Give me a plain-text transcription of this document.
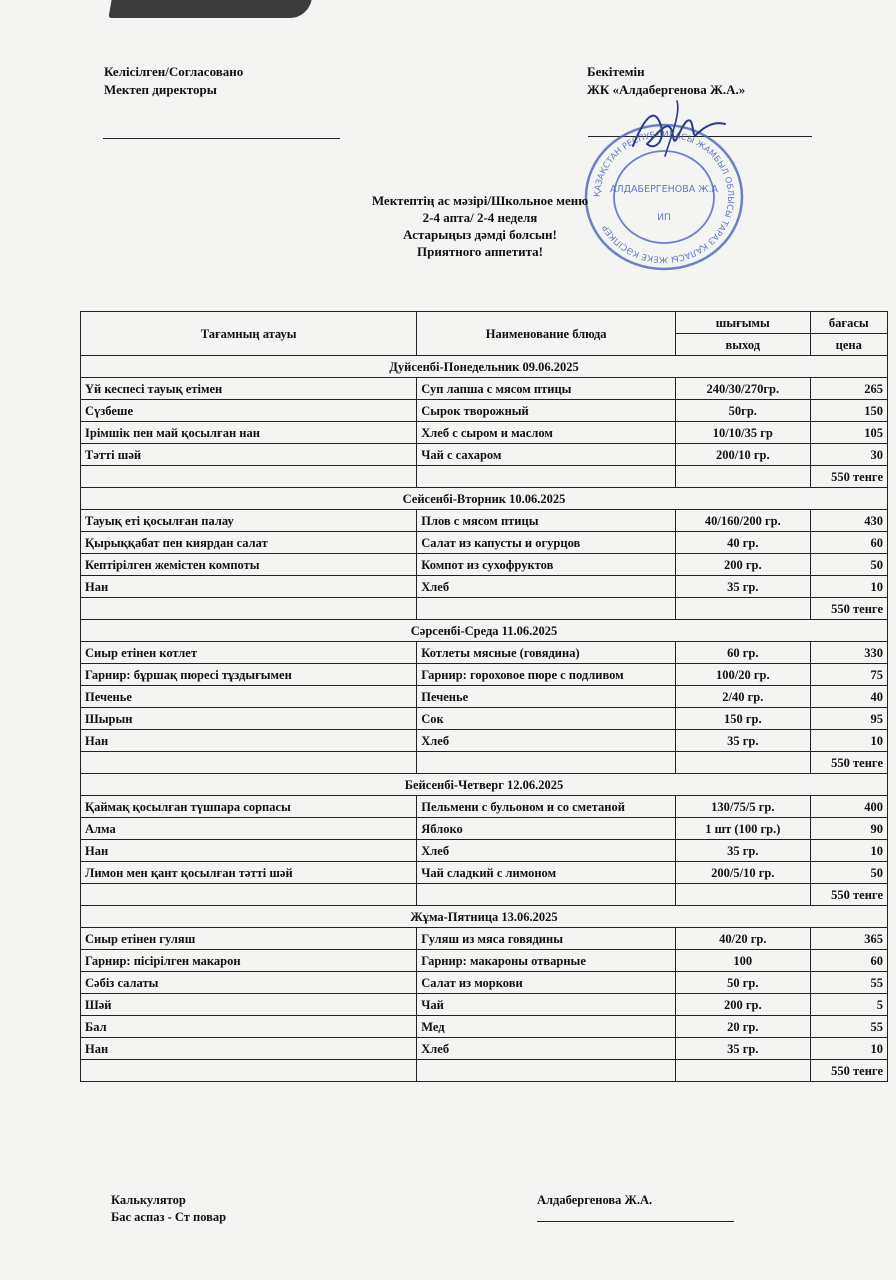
Келісілген/Согласовано
Мектеп директоры
Бекітемін
ЖК «Алдабергенова Ж.А.»
ҚАЗАҚСТАН РЕСПУБЛИКАСЫ ЖАМБЫЛ ОБЛЫСЫ ТАРАЗ ҚАЛАСЫ ЖЕКЕ КӘСІПКЕР
АЛДАБЕРГЕНОВА Ж.А
ИП
Мектептің ас мәзірі/Школьное меню
2-4 апта/ 2-4 неделя
Астарыңыз дәмді болсын!
Приятного аппетита!
Тағамның атауы	Наименование блюда	шығымы	бағасы
		выход	цена
Дуйсенбі-Понедельник 09.06.2025			
Үй кеспесі тауық етімен	Суп лапша с мясом птицы	240/30/270гр.	265
Сүзбеше	Сырок творожный	50гр.	150
Ірімшік пен май қосылған нан	Хлеб с сыром и маслом	10/10/35 гр	105
Тәтті шәй	Чай с сахаром	200/10 гр.	30
			550 тенге
Сейсенбі-Вторник 10.06.2025			
Тауық еті қосылған палау	Плов с мясом птицы	40/160/200 гр.	430
Қырыққабат пен киярдан салат	Салат из капусты и огурцов	40 гр.	60
Кептірілген жемістен компоты	Компот из сухофруктов	200 гр.	50
Нан	Хлеб	35 гр.	10
			550 тенге
Сәрсенбі-Среда 11.06.2025			
Сиыр етінен котлет	Котлеты мясные (говядина)	60 гр.	330
Гарнир: бұршақ пюресі тұздығымен	Гарнир: гороховое пюре с подливом	100/20 гр.	75
Печенье	Печенье	2/40 гр.	40
Шырын	Сок	150 гр.	95
Нан	Хлеб	35 гр.	10
			550 тенге
Бейсенбі-Четверг 12.06.2025			
Қаймақ қосылған түшпара сорпасы	Пельмени с бульоном и со сметаной	130/75/5 гр.	400
Алма	Яблоко	1 шт (100 гр.)	90
Нан	Хлеб	35 гр.	10
Лимон мен қант қосылған тәтті шәй	Чай сладкий с лимоном	200/5/10 гр.	50
			550 тенге
Жұма-Пятница 13.06.2025			
Сиыр етінен гуляш	Гуляш из мяса говядины	40/20 гр.	365
Гарнир: пісірілген макарон	Гарнир: макароны отварные	100	60
Сәбіз салаты	Салат из моркови	50 гр.	55
Шәй	Чай	200 гр.	5
Бал	Мед	20 гр.	55
Нан	Хлеб	35 гр.	10
			550 тенге
Калькулятор
Бас аспаз - Ст повар
Алдабергенова Ж.А.
